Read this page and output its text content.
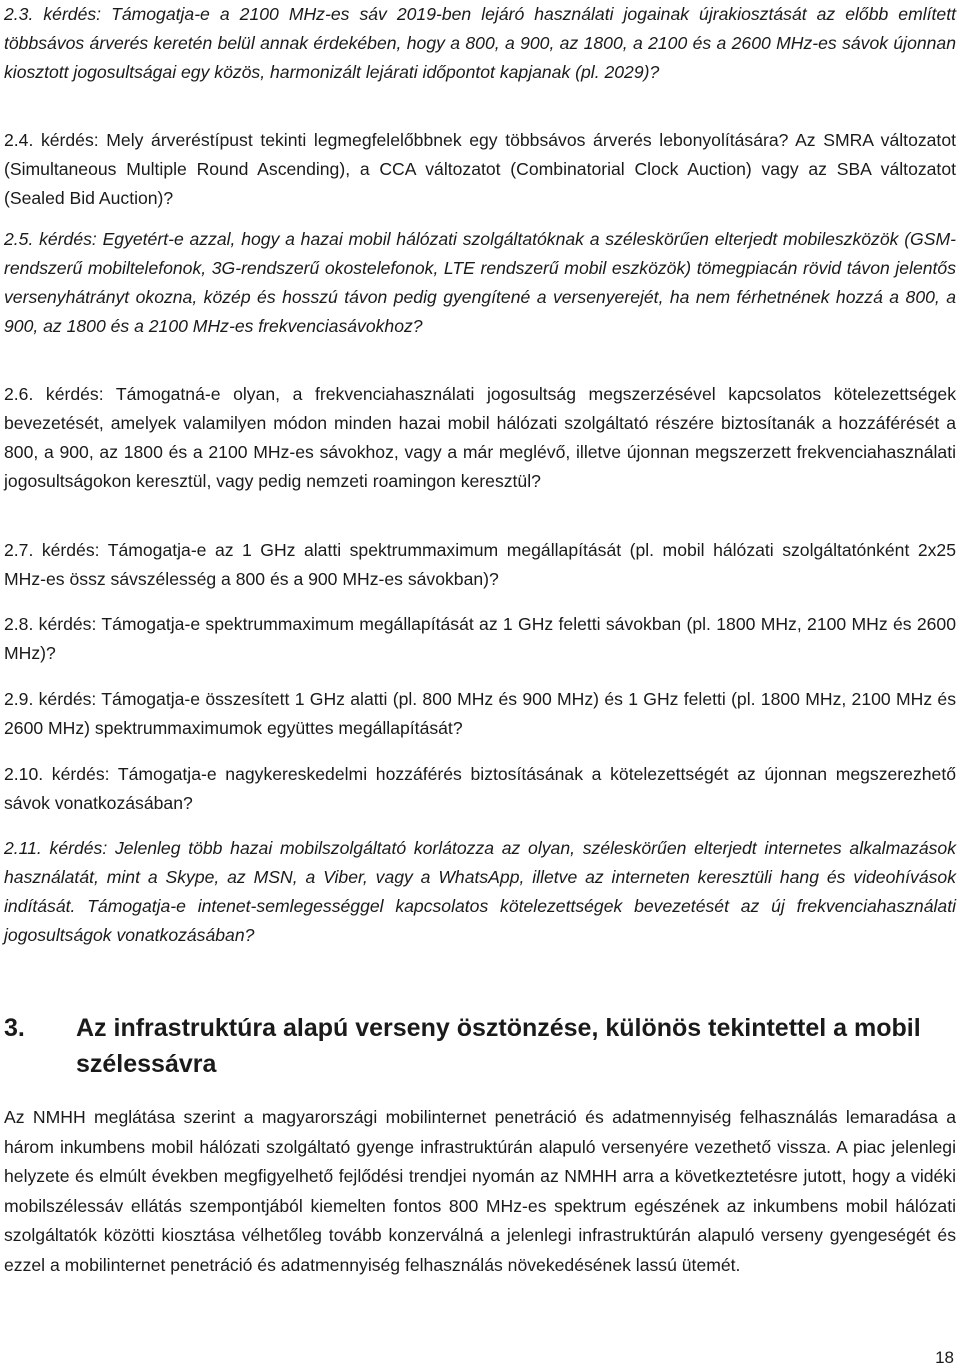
2.3. kérdés: Támogatja-e a 2100 MHz-es sáv 2019-ben lejáró használati jogainak újrakiosztását az előbb említett többsávos árverés keretén belül annak érdekében, hogy a 800, a 900, az 1800, a 2100 és a 2600 MHz-es sávok újonnan kiosztott jogosultságai egy közös, harmonizált lejárati időpontot kapjanak (pl. 2029)?

2.4. kérdés: Mely árveréstípust tekinti legmegfelelőbbnek egy többsávos árverés lebonyolítására? Az SMRA változatot (Simultaneous Multiple Round Ascending), a CCA változatot (Combinatorial Clock Auction) vagy az SBA változatot (Sealed Bid Auction)?

2.5. kérdés: Egyetért-e azzal, hogy a hazai mobil hálózati szolgáltatóknak a széleskörűen elterjedt mobileszközök (GSM-rendszerű mobiltelefonok, 3G-rendszerű okostelefonok, LTE rendszerű mobil eszközök) tömegpiacán rövid távon jelentős versenyhátrányt okozna, közép és hosszú távon pedig gyengítené a versenyerejét, ha nem férhetnének hozzá a 800, a 900, az 1800 és a 2100 MHz-es frekvenciasávokhoz?

2.6. kérdés: Támogatná-e olyan, a frekvenciahasználati jogosultság megszerzésével kapcsolatos kötelezettségek bevezetését, amelyek valamilyen módon minden hazai mobil hálózati szolgáltató részére biztosítanák a hozzáférését a 800, a 900, az 1800 és a 2100 MHz-es sávokhoz, vagy a már meglévő, illetve újonnan megszerzett frekvenciahasználati jogosultságokon keresztül, vagy pedig nemzeti roamingon keresztül?

2.7. kérdés: Támogatja-e az 1 GHz alatti spektrummaximum megállapítását (pl. mobil hálózati szolgáltatónként 2x25 MHz-es össz sávszélesség a 800 és a 900 MHz-es sávokban)?

2.8. kérdés: Támogatja-e spektrummaximum megállapítását az 1 GHz feletti sávokban (pl. 1800 MHz, 2100 MHz és 2600 MHz)?

2.9. kérdés: Támogatja-e összesített 1 GHz alatti (pl. 800 MHz és 900 MHz) és 1 GHz feletti (pl. 1800 MHz, 2100 MHz és 2600 MHz) spektrummaximumok együttes megállapítását?

2.10. kérdés: Támogatja-e nagykereskedelmi hozzáférés biztosításának a kötelezettségét az újonnan megszerezhető sávok vonatkozásában?

2.11. kérdés: Jelenleg több hazai mobilszolgáltató korlátozza az olyan, széleskörűen elterjedt internetes alkalmazások használatát, mint a Skype, az MSN, a Viber, vagy a WhatsApp, illetve az interneten keresztüli hang és videohívások indítását. Támogatja-e intenet-semlegességgel kapcsolatos kötelezettségek bevezetését az új frekvenciahasználati jogosultságok vonatkozásában?

3. Az infrastruktúra alapú verseny ösztönzése, különös tekintettel a mobil szélessávra

Az NMHH meglátása szerint a magyarországi mobilinternet penetráció és adatmennyiség felhasználás lemaradása a három inkumbens mobil hálózati szolgáltató gyenge infrastruktúrán alapuló versenyére vezethető vissza. A piac jelenlegi helyzete és elmúlt években megfigyelhető fejlődési trendjei nyomán az NMHH arra a következtetésre jutott, hogy a vidéki mobilszélessáv ellátás szempontjából kiemelten fontos 800 MHz-es spektrum egészének az inkumbens mobil hálózati szolgáltatók közötti kiosztása vélhetőleg tovább konzerválná a jelenlegi infrastruktúrán alapuló verseny gyengeségét és ezzel a mobilinternet penetráció és adatmennyiség felhasználás növekedésének lassú ütemét.

18
